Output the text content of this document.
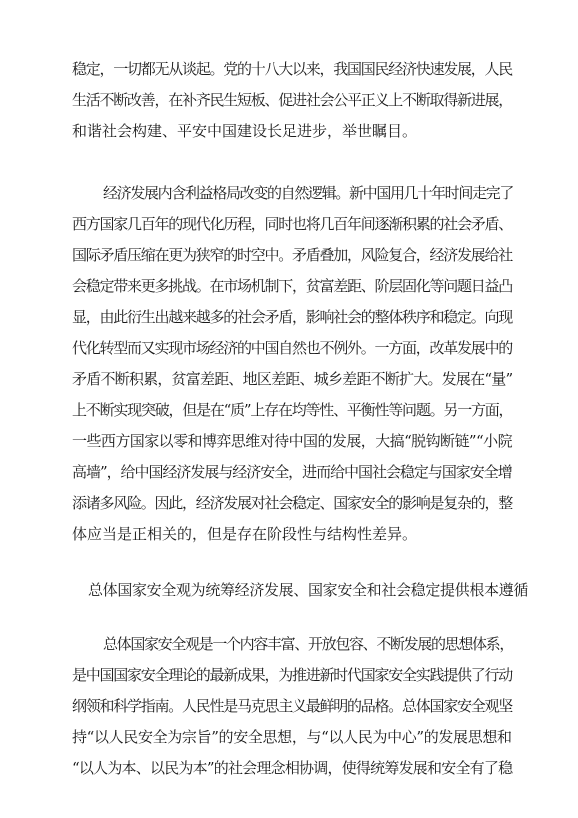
稳定，一切都无从谈起。党的十八大以来，我国国民经济快速发展，人民
生活不断改善，在补齐民生短板、促进社会公平正义上不断取得新进展，
和谐社会构建、平安中国建设长足进步，举世瞩目。
经济发展内含利益格局改变的自然逻辑。新中国用几十年时间走完了
西方国家几百年的现代化历程，同时也将几百年间逐渐积累的社会矛盾、
国际矛盾压缩在更为狭窄的时空中。矛盾叠加，风险复合，经济发展给社
会稳定带来更多挑战。在市场机制下，贫富差距、阶层固化等问题日益凸
显，由此衍生出越来越多的社会矛盾，影响社会的整体秩序和稳定。向现
代化转型而又实现市场经济的中国自然也不例外。一方面，改革发展中的
矛盾不断积累，贫富差距、地区差距、城乡差距不断扩大。发展在“量”
上不断实现突破，但是在“质”上存在均等性、平衡性等问题。另一方面，
一些西方国家以零和博弈思维对待中国的发展，大搞“脱钩断链”“小院
高墙”，给中国经济发展与经济安全，进而给中国社会稳定与国家安全增
添诸多风险。因此，经济发展对社会稳定、国家安全的影响是复杂的，整
体应当是正相关的，但是存在阶段性与结构性差异。
总体国家安全观为统筹经济发展、国家安全和社会稳定提供根本遵循
总体国家安全观是一个内容丰富、开放包容、不断发展的思想体系，
是中国国家安全理论的最新成果，为推进新时代国家安全实践提供了行动
纲领和科学指南。人民性是马克思主义最鲜明的品格。总体国家安全观坚
持“以人民安全为宗旨”的安全思想，与“以人民为中心”的发展思想和
“以人为本、以民为本”的社会理念相协调，使得统筹发展和安全有了稳
